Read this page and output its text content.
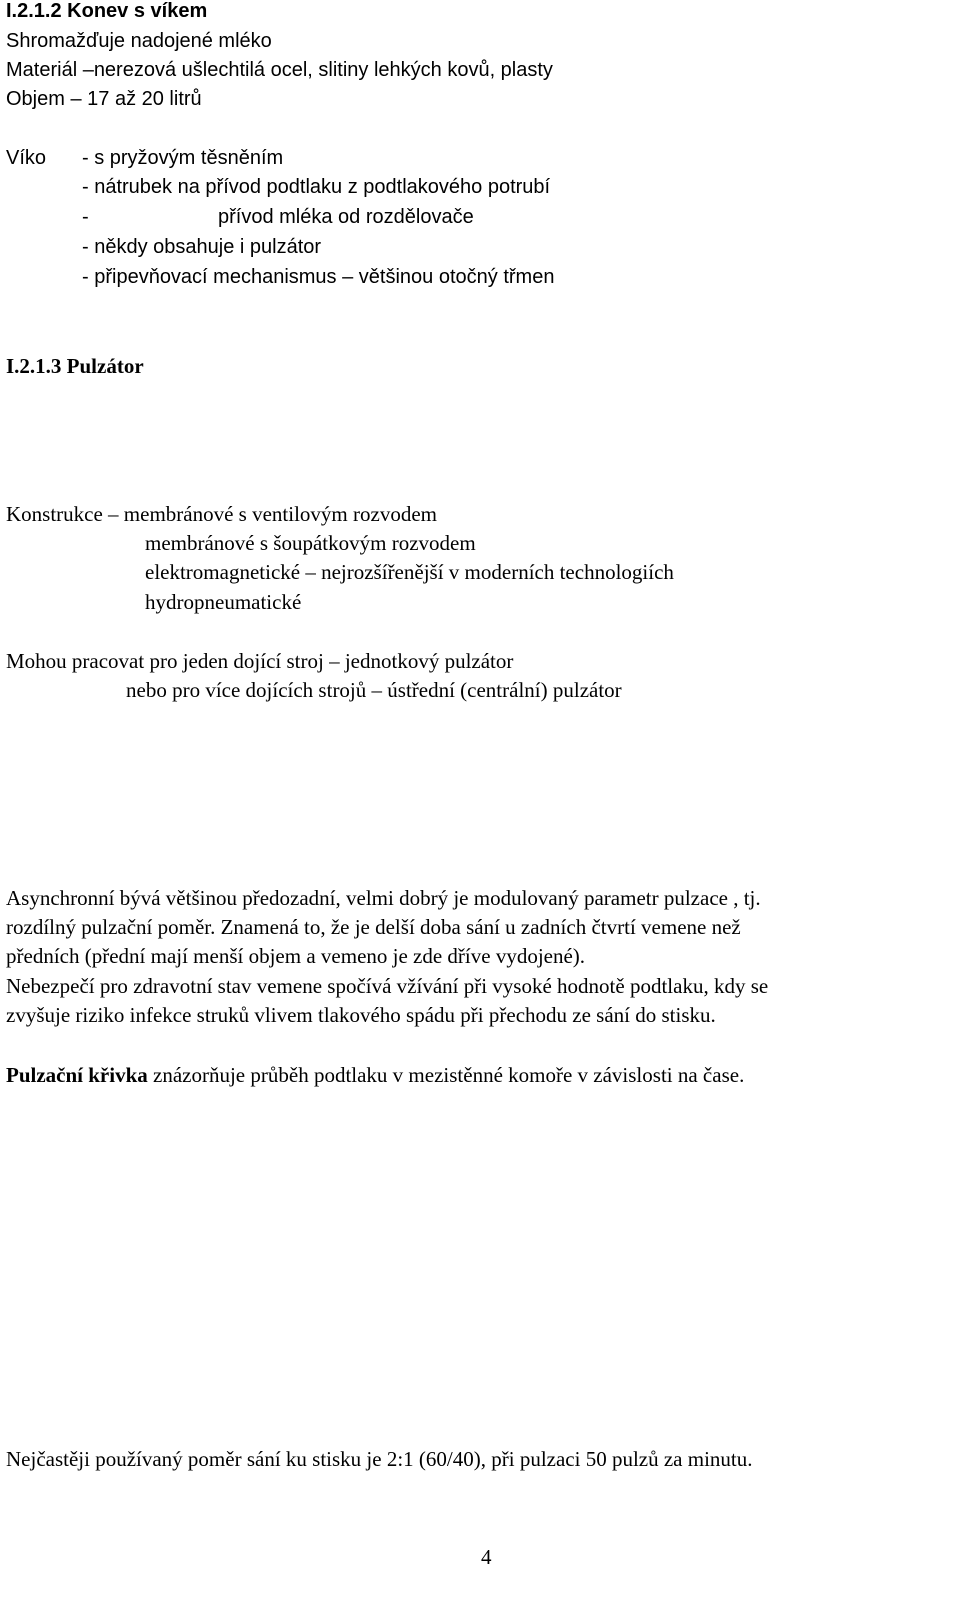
I.2.1.2 Konev s víkem
Shromažďuje nadojené mléko
Materiál –nerezová ušlechtilá ocel, slitiny lehkých kovů, plasty
Objem – 17 až 20 litrů
Víko - s pryžovým těsněním
- nátrubek na přívod podtlaku z podtlakového potrubí
-	přívod mléka od rozdělovače
- někdy obsahuje i pulzátor
- připevňovací mechanismus – většinou otočný třmen
I.2.1.3 Pulzátor
Konstrukce – membránové s ventilovým rozvodem
membránové s šoupátkovým rozvodem
elektromagnetické – nejrozšířenější v moderních technologiích
hydropneumatické
Mohou pracovat pro jeden dojící stroj – jednotkový pulzátor
nebo pro více dojících strojů – ústřední (centrální) pulzátor
Asynchronní bývá většinou předozadní, velmi dobrý je modulovaný parametr pulzace , tj.
rozdílný pulzační poměr. Znamená to, že je delší doba sání u zadních čtvrtí vemene než
předních (přední mají menší objem a vemeno je zde dříve vydojené).
Nebezpečí pro zdravotní stav vemene spočívá vžívání při vysoké hodnotě podtlaku, kdy se
zvyšuje riziko infekce struků vlivem tlakového spádu při přechodu ze sání do stisku.
Pulzační křivka znázorňuje průběh podtlaku v mezistěnné komoře v závislosti na čase.
Nejčastěji používaný poměr sání ku stisku je 2:1 (60/40), při pulzaci 50 pulzů za minutu.
4
